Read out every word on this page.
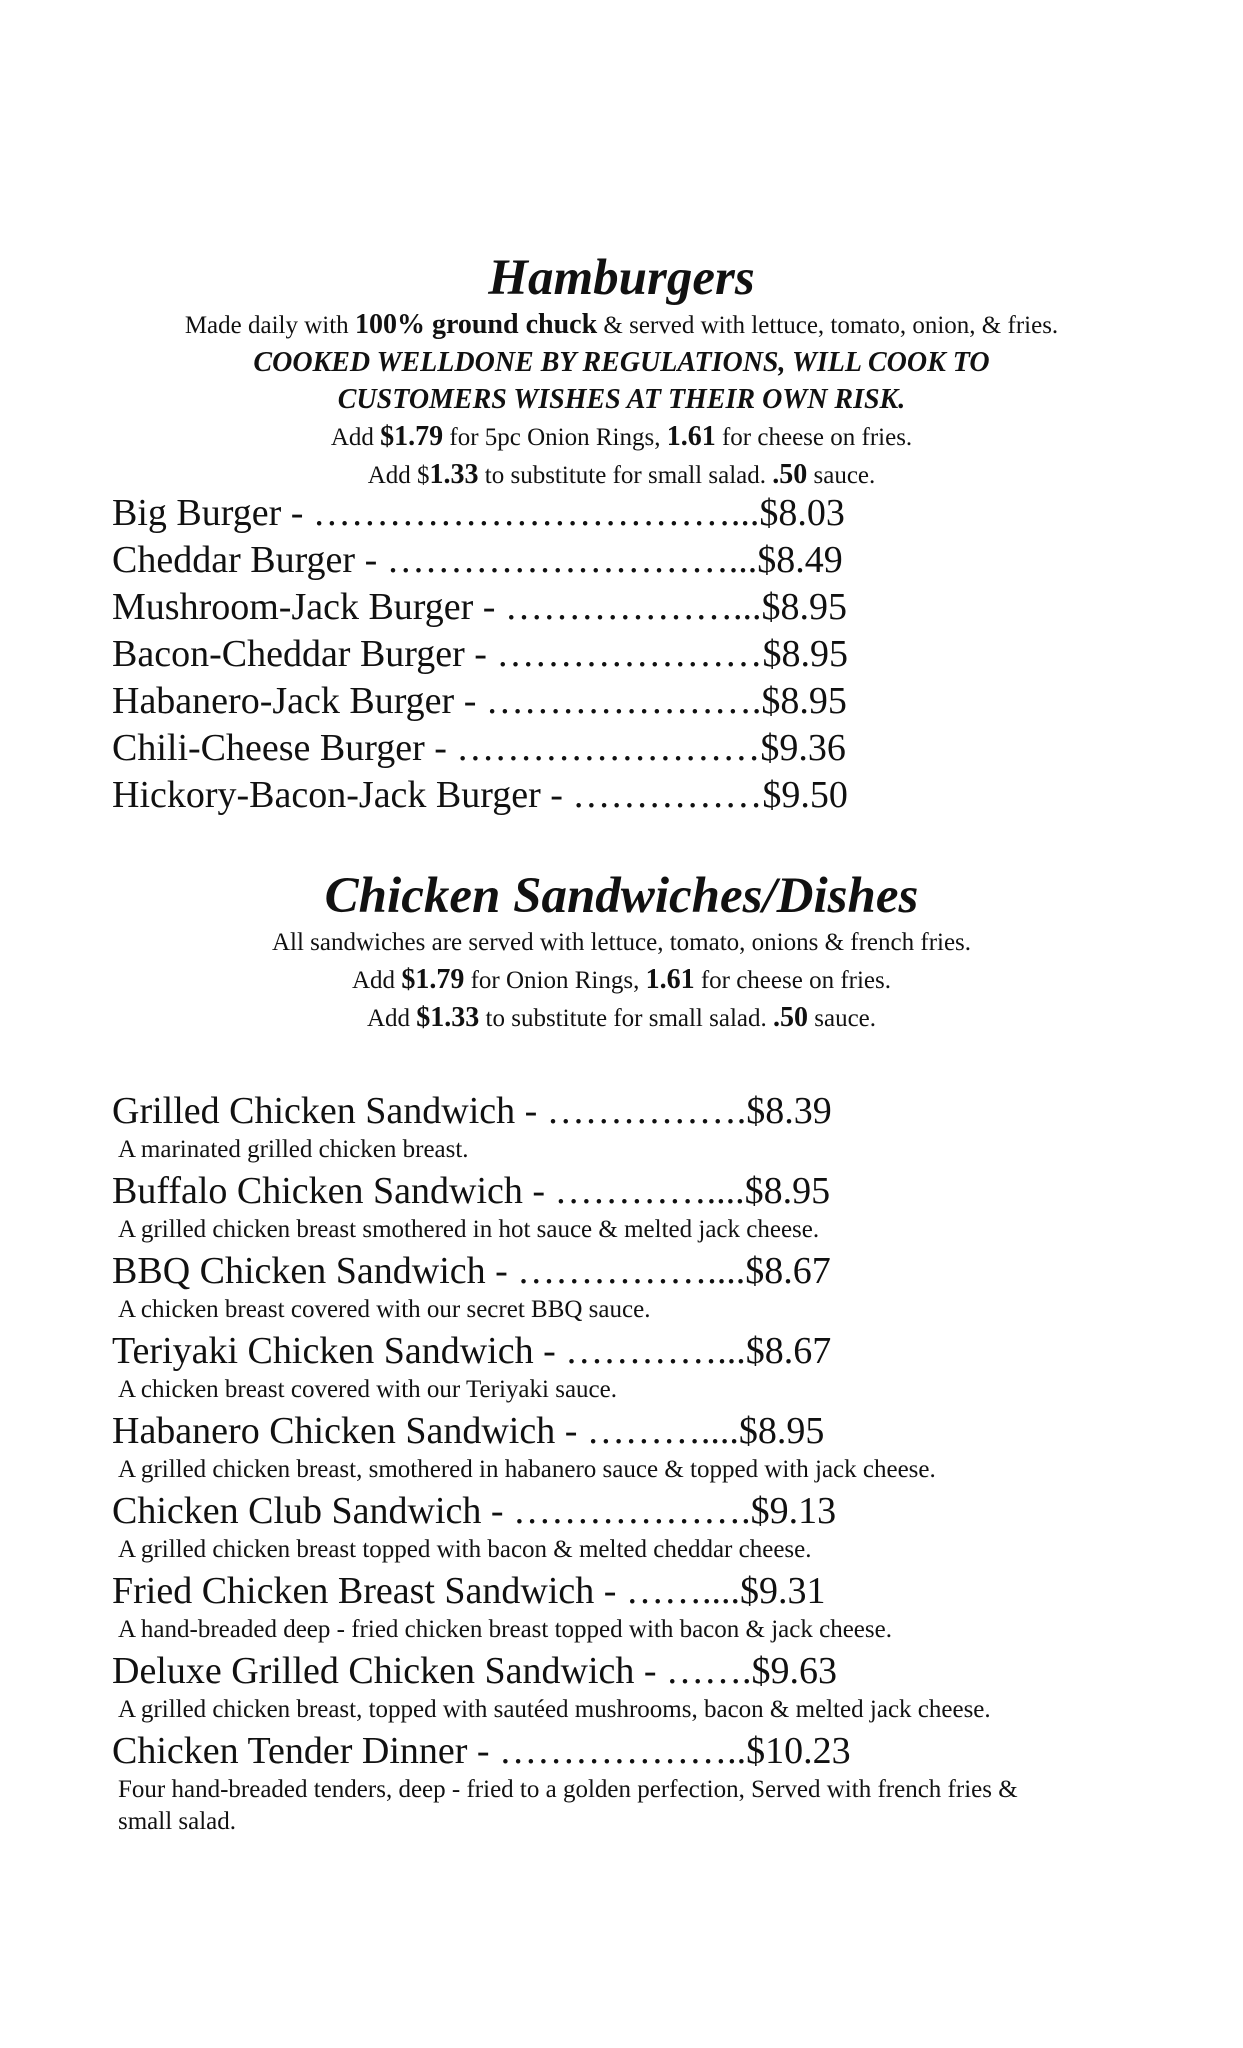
Hamburgers

Made daily with 100% ground chuck & served with lettuce, tomato, onion, & fries.

COOKED WELLDONE BY REGULATIONS, WILL COOK TO

CUSTOMERS WISHES AT THEIR OWN RISK.

Add $1.79 for 5pc Onion Rings, 1.61 for cheese on fries.

Add $1.33 to substitute for small salad. .50 sauce.

Big Burger - ……………………………...$8.03
Cheddar Burger - ………………………...$8.49
Mushroom-Jack Burger - ………………...$8.95
Bacon-Cheddar Burger - …………………$8.95
Habanero-Jack Burger - ………………….$8.95
Chili-Cheese Burger - ……………………$9.36
Hickory-Bacon-Jack Burger - ……………$9.50
Chicken Sandwiches/Dishes

All sandwiches are served with lettuce, tomato, onions & french fries.

Add $1.79 for Onion Rings, 1.61 for cheese on fries.

Add $1.33 to substitute for small salad. .50 sauce.

Grilled Chicken Sandwich - …………….$8.39
A marinated grilled chicken breast.
Buffalo Chicken Sandwich - …………....$8.95
A grilled chicken breast smothered in hot sauce & melted jack cheese.
BBQ Chicken Sandwich - ……………....$8.67
A chicken breast covered with our secret BBQ sauce.
Teriyaki Chicken Sandwich - …………...$8.67
A chicken breast covered with our Teriyaki sauce.
Habanero Chicken Sandwich - ………....$8.95
A grilled chicken breast, smothered in habanero sauce & topped with jack cheese.
Chicken Club Sandwich - ……………….$9.13
A grilled chicken breast topped with bacon & melted cheddar cheese.
Fried Chicken Breast Sandwich - ……....$9.31
A hand-breaded deep - fried chicken breast topped with bacon & jack cheese.
Deluxe Grilled Chicken Sandwich - …….$9.63
A grilled chicken breast, topped with sautéed mushrooms, bacon & melted jack cheese.
Chicken Tender Dinner - ………………..$10.23
Four hand-breaded tenders, deep - fried to a golden perfection, Served with french fries & small salad.
